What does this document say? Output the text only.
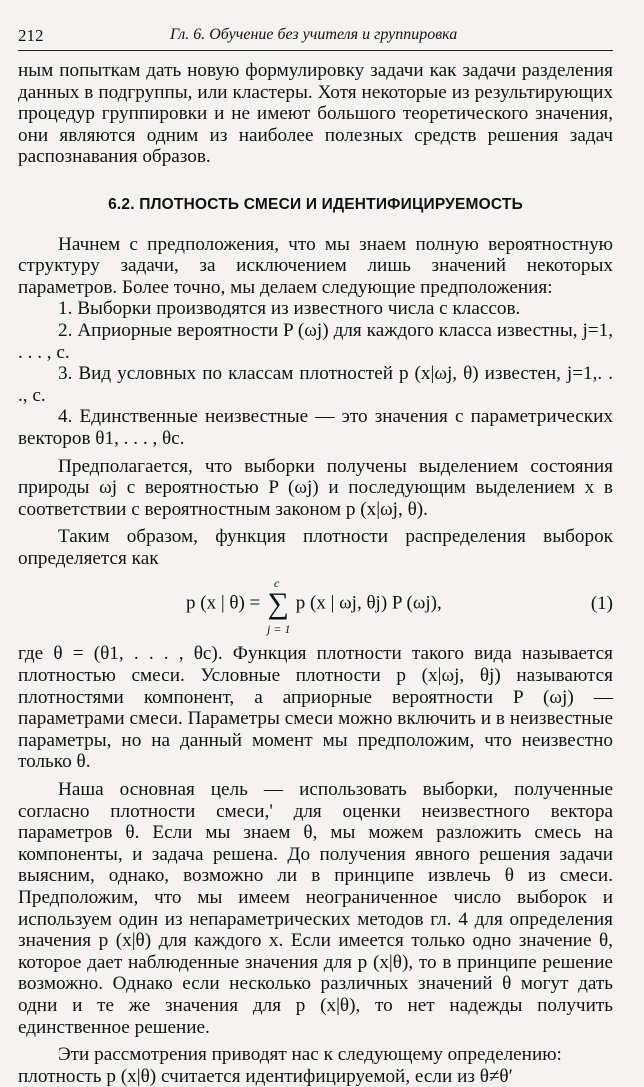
212	Гл. 6. Обучение без учителя и группировка

ным попыткам дать новую формулировку задачи как задачи разделения данных в подгруппы, или кластеры. Хотя некоторые из результирующих процедур группировки и не имеют большого теоретического значения, они являются одним из наиболее полезных средств решения задач распознавания образов.

6.2. ПЛОТНОСТЬ СМЕСИ И ИДЕНТИФИЦИРУЕМОСТЬ

Начнем с предположения, что мы знаем полную вероятностную структуру задачи, за исключением лишь значений некоторых параметров. Более точно, мы делаем следующие предположения:

1. Выборки производятся из известного числа c классов.

2. Априорные вероятности P (ωj) для каждого класса известны, j=1, . . . , c.

3. Вид условных по классам плотностей p (x|ωj, θ) известен, j=1,. . ., c.

4. Единственные неизвестные — это значения c параметрических векторов θ1, . . . , θc.

Предполагается, что выборки получены выделением состояния природы ωj с вероятностью P (ωj) и последующим выделением x в соответствии с вероятностным законом p (x|ωj, θ).

Таким образом, функция плотности распределения выборок определяется как

p (x | θ) =
c
∑
j = 1
p (x | ωj, θj) P (ωj),	(1)

где θ = (θ1, . . . , θc). Функция плотности такого вида называется плотностью смеси. Условные плотности p (x|ωj, θj) называются плотностями компонент, а априорные вероятности P (ωj) — параметрами смеси. Параметры смеси можно включить и в неизвестные параметры, но на данный момент мы предположим, что неизвестно только θ.

Наша основная цель — использовать выборки, полученные согласно плотности смеси,' для оценки неизвестного вектора параметров θ. Если мы знаем θ, мы можем разложить смесь на компоненты, и задача решена. До получения явного решения задачи выясним, однако, возможно ли в принципе извлечь θ из смеси. Предположим, что мы имеем неограниченное число выборок и используем один из непараметрических методов гл. 4 для определения значения p (x|θ) для каждого x. Если имеется только одно значение θ, которое дает наблюденные значения для p (x|θ), то в принципе решение возможно. Однако если несколько различных значений θ могут дать одни и те же значения для p (x|θ), то нет надежды получить единственное решение.

Эти рассмотрения приводят нас к следующему определению:

плотность p (x|θ) считается идентифицируемой, если из θ≠θ′
